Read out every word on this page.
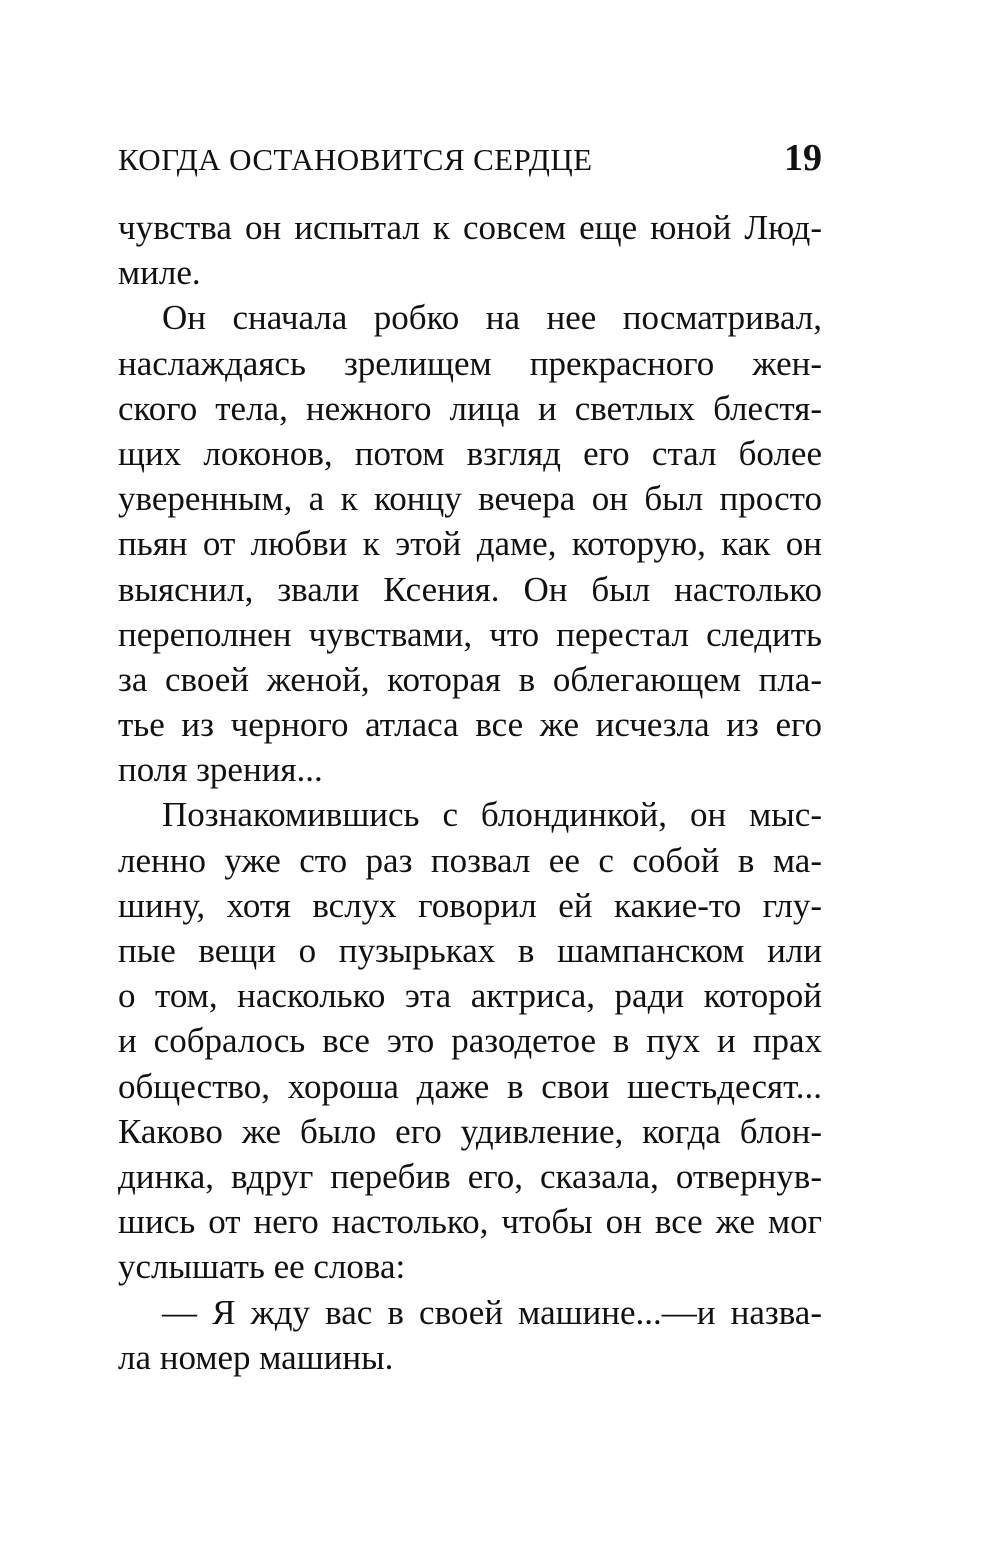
КОГДА ОСТАНОВИТСЯ СЕРДЦЕ	19
чувства он испытал к совсем еще юной Люд-
миле.
Он сначала робко на нее посматривал,
наслаждаясь зрелищем прекрасного жен-
ского тела, нежного лица и светлых блестя-
щих локонов, потом взгляд его стал более
уверенным, а к концу вечера он был просто
пьян от любви к этой даме, которую, как он
выяснил, звали Ксения. Он был настолько
переполнен чувствами, что перестал следить
за своей женой, которая в облегающем пла-
тье из черного атласа все же исчезла из его
поля зрения...
Познакомившись с блондинкой, он мыс-
ленно уже сто раз позвал ее с собой в ма-
шину, хотя вслух говорил ей какие-то глу-
пые вещи о пузырьках в шампанском или
о том, насколько эта актриса, ради которой
и собралось все это разодетое в пух и прах
общество, хороша даже в свои шестьдесят...
Каково же было его удивление, когда блон-
динка, вдруг перебив его, сказала, отвернув-
шись от него настолько, чтобы он все же мог
услышать ее слова:
— Я жду вас в своей машине...—и назва-
ла номер машины.
